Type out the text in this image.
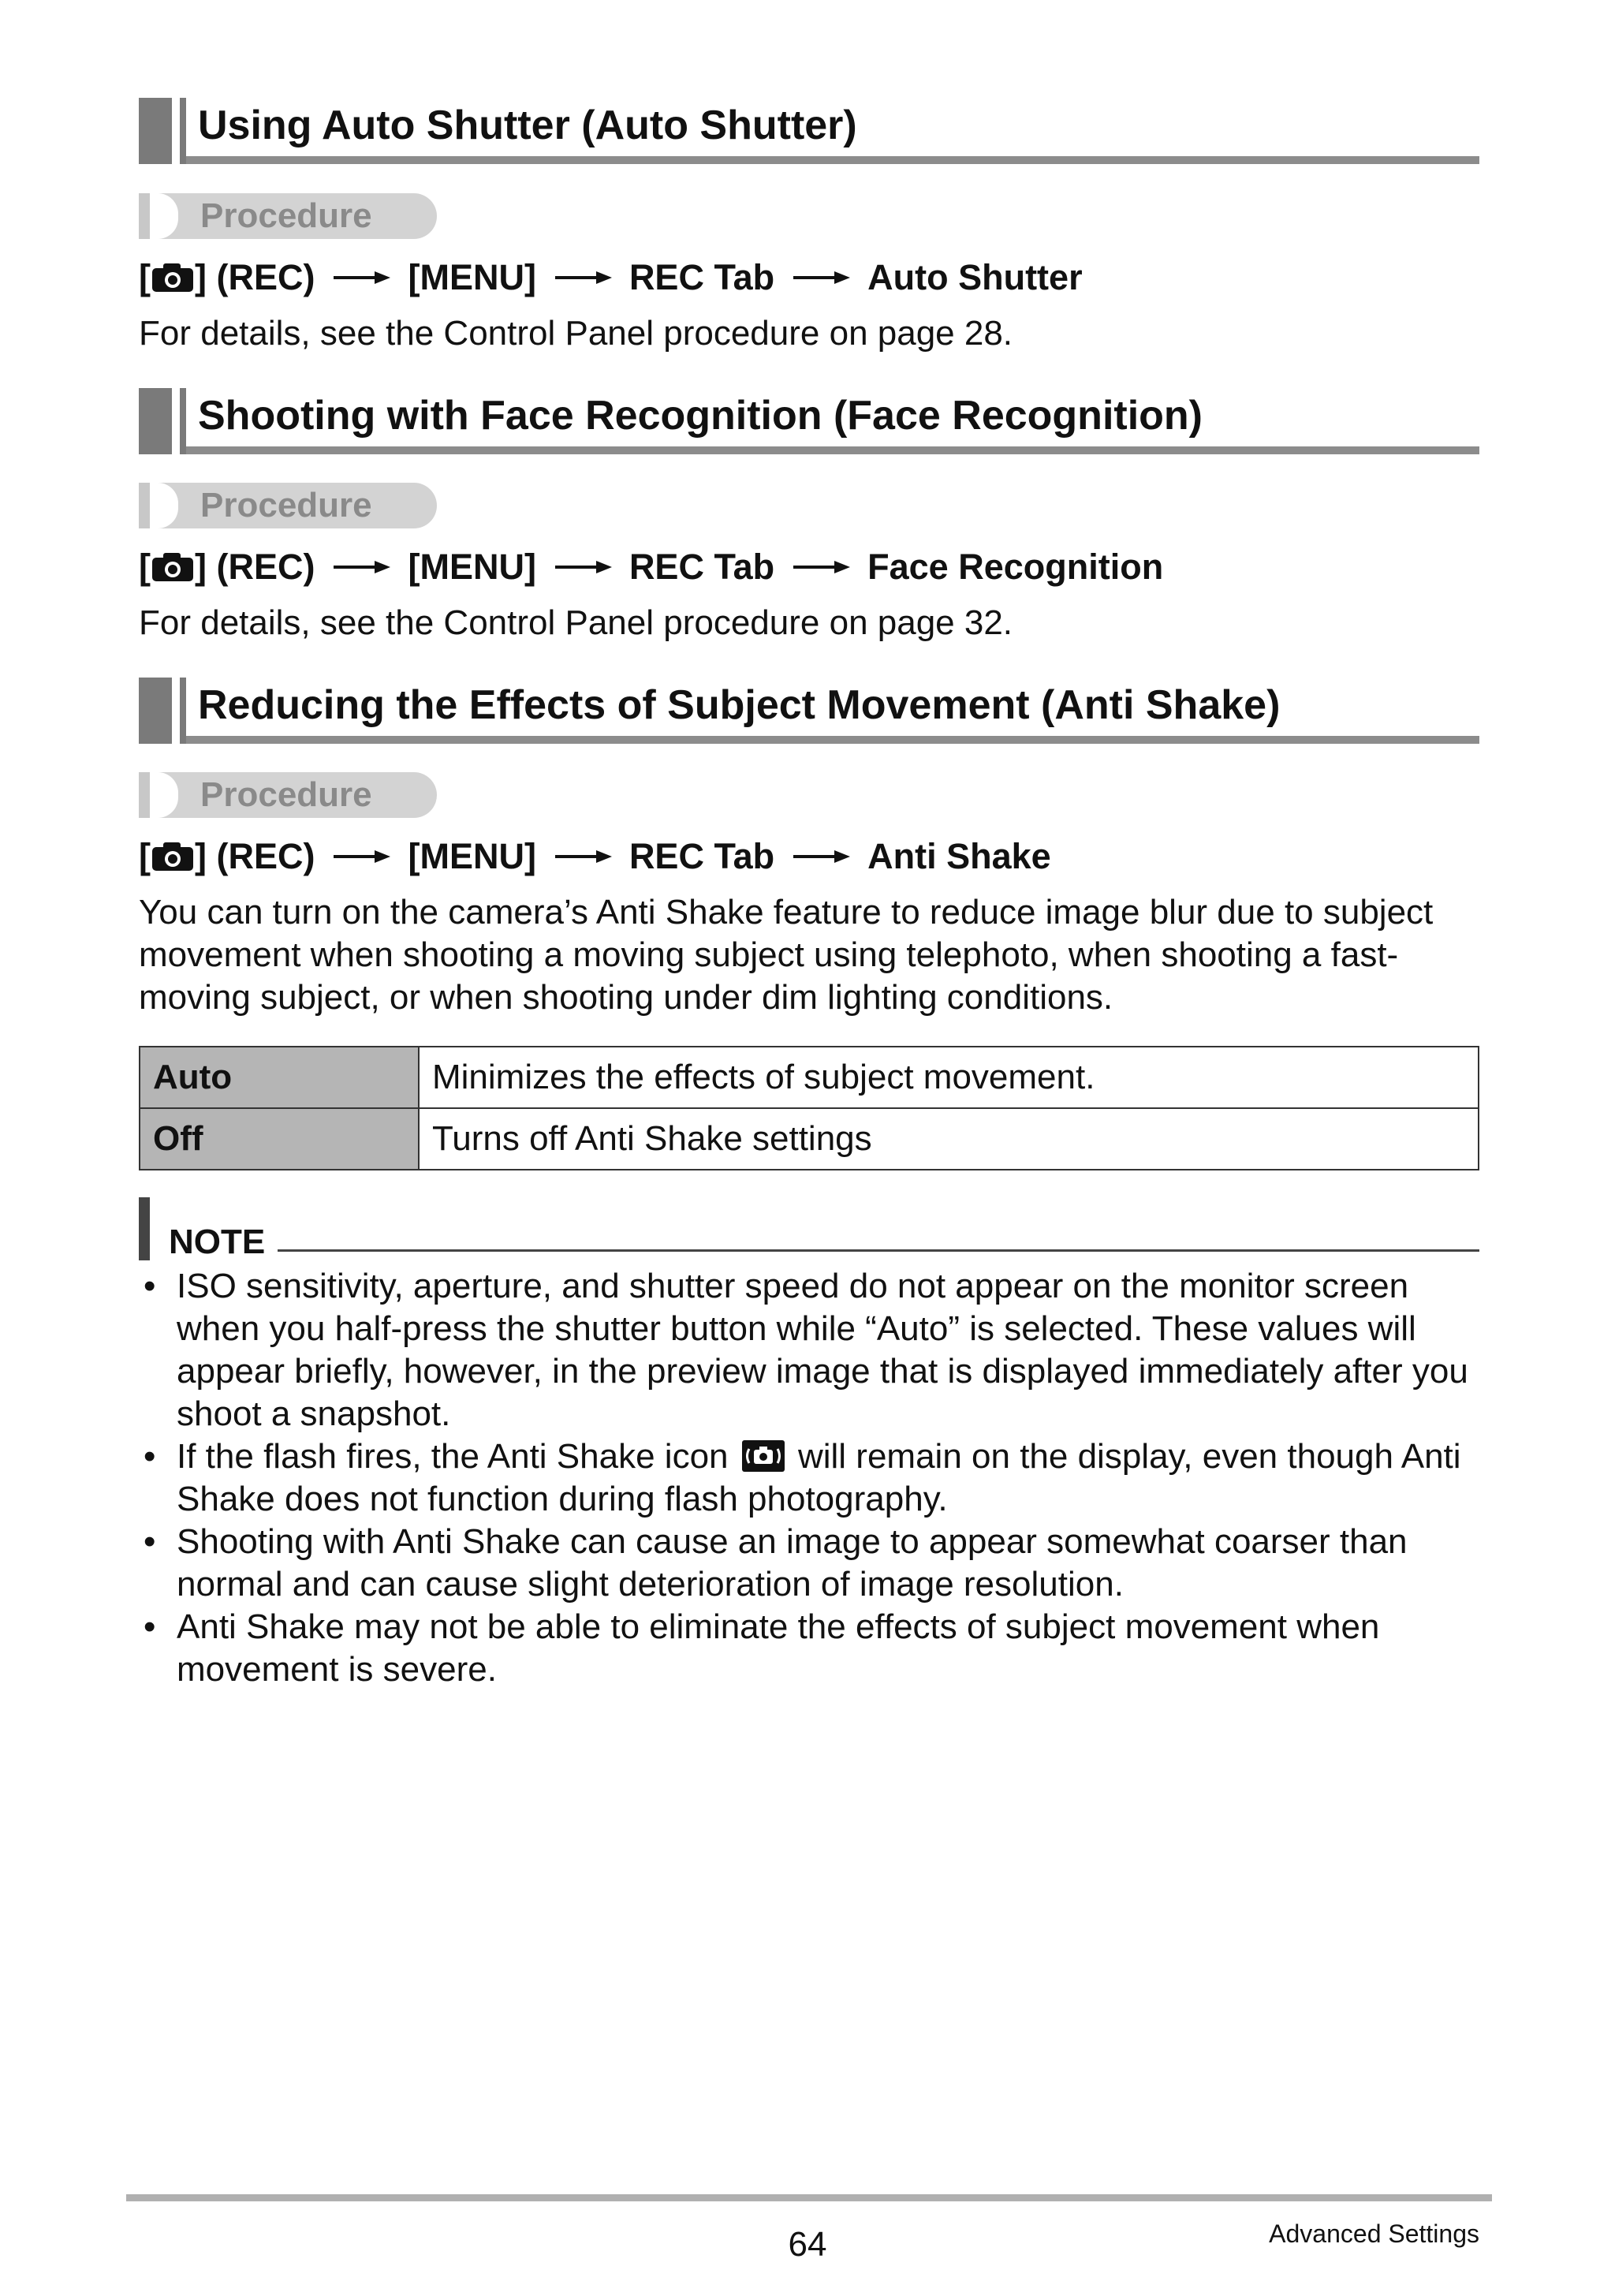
Using Auto Shutter (Auto Shutter)
Procedure
[ ] (REC)	[MENU]	REC Tab	Auto Shutter
For details, see the Control Panel procedure on page 28.
Shooting with Face Recognition (Face Recognition)
Procedure
[ ] (REC)	[MENU]	REC Tab	Face Recognition
For details, see the Control Panel procedure on page 32.
Reducing the Effects of Subject Movement (Anti Shake)
Procedure
[ ] (REC)	[MENU]	REC Tab	Anti Shake
You can turn on the camera’s Anti Shake feature to reduce image blur due to subject movement when shooting a moving subject using telephoto, when shooting a fast-moving subject, or when shooting under dim lighting conditions.
Auto	Minimizes the effects of subject movement.
Off	Turns off Anti Shake settings
NOTE
• ISO sensitivity, aperture, and shutter speed do not appear on the monitor screen when you half-press the shutter button while “Auto” is selected. These values will appear briefly, however, in the preview image that is displayed immediately after you shoot a snapshot.
• If the flash fires, the Anti Shake icon will remain on the display, even though Anti Shake does not function during flash photography.
• Shooting with Anti Shake can cause an image to appear somewhat coarser than normal and can cause slight deterioration of image resolution.
• Anti Shake may not be able to eliminate the effects of subject movement when movement is severe.
64	Advanced Settings
